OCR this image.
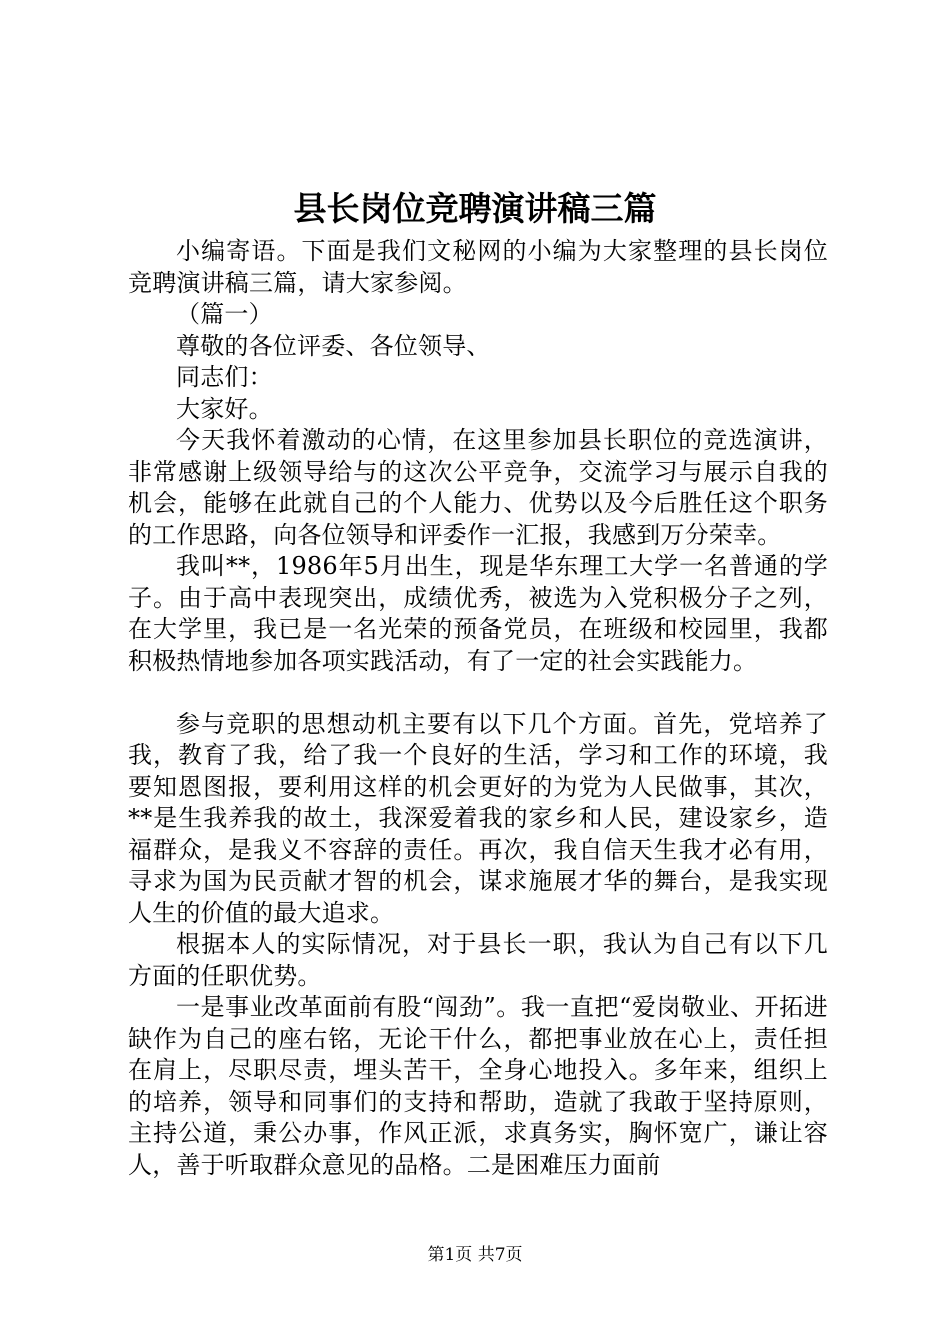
县长岗位竞聘演讲稿三篇

小编寄语。下面是我们文秘网的小编为大家整理的县长岗位竞聘演讲稿三篇，请大家参阅。

（篇一）

尊敬的各位评委、各位领导、

同志们：

大家好。

今天我怀着激动的心情，在这里参加县长职位的竞选演讲，非常感谢上级领导给与的这次公平竞争，交流学习与展示自我的机会，能够在此就自己的个人能力、优势以及今后胜任这个职务的工作思路，向各位领导和评委作一汇报，我感到万分荣幸。

我叫**，1986年5月出生，现是华东理工大学一名普通的学子。由于高中表现突出，成绩优秀，被选为入党积极分子之列，在大学里，我已是一名光荣的预备党员，在班级和校园里，我都积极热情地参加各项实践活动，有了一定的社会实践能力。

参与竞职的思想动机主要有以下几个方面。首先，党培养了我，教育了我，给了我一个良好的生活，学习和工作的环境，我要知恩图报，要利用这样的机会更好的为党为人民做事，其次，**是生我养我的故土，我深爱着我的家乡和人民，建设家乡，造福群众，是我义不容辞的责任。再次，我自信天生我才必有用，寻求为国为民贡献才智的机会，谋求施展才华的舞台，是我实现人生的价值的最大追求。

根据本人的实际情况，对于县长一职，我认为自己有以下几方面的任职优势。

一是事业改革面前有股“闯劲”。我一直把“爱岗敬业、开拓进缺作为自己的座右铭，无论干什么，都把事业放在心上，责任担在肩上，尽职尽责，埋头苦干，全身心地投入。多年来，组织上的培养，领导和同事们的支持和帮助，造就了我敢于坚持原则，主持公道，秉公办事，作风正派，求真务实，胸怀宽广，谦让容人，善于听取群众意见的品格。二是困难压力面前

第1页 共7页
